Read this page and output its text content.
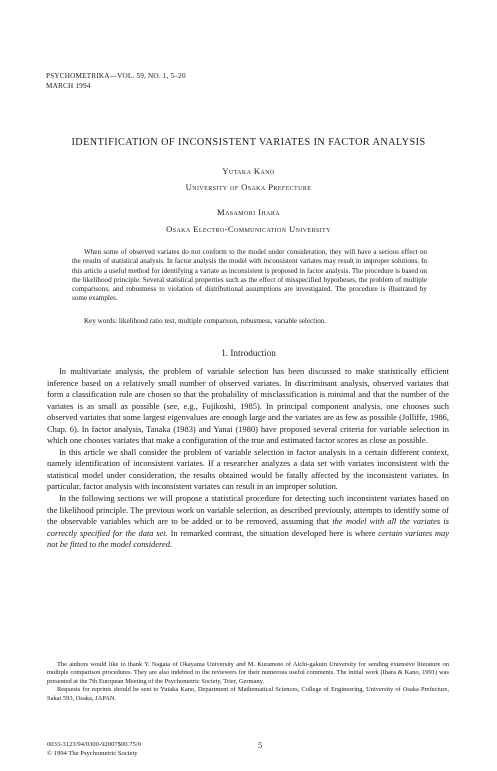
PSYCHOMETRIKA—VOL. 59, NO. 1, 5–20
MARCH 1994
IDENTIFICATION OF INCONSISTENT VARIATES IN FACTOR ANALYSIS
Yutaka Kano
University of Osaka Prefecture
Masamori Ihara
Osaka Electro-Communication University
When some of observed variates do not conform to the model under consideration, they will have a serious effect on the results of statistical analysis. In factor analysis the model with inconsistent variates may result in improper solutions. In this article a useful method for identifying a variate as inconsistent is proposed in factor analysis. The procedure is based on the likelihood principle. Several statistical properties such as the effect of misspecified hypotheses, the problem of multiple comparisons, and robustness to violation of distributional assumptions are investigated. The procedure is illustrated by some examples.
Key words: likelihood ratio test, multiple comparison, robustness, variable selection.
1. Introduction

In multivariate analysis, the problem of variable selection has been discussed to make statistically efficient inference based on a relatively small number of observed variates. In discriminant analysis, observed variates that form a classification rule are chosen so that the probability of misclassification is minimal and that the number of the variates is as small as possible (see, e.g., Fujikoshi, 1985). In principal component analysis, one chooses such observed variates that some largest eigenvalues are enough large and the variates are as few as possible (Jolliffe, 1986, Chap. 6). In factor analysis, Tanaka (1983) and Yanai (1980) have proposed several criteria for variable selection in which one chooses variates that make a configuration of the true and estimated factor scores as close as possible.

In this article we shall consider the problem of variable selection in factor analysis in a certain different context, namely identification of inconsistent variates. If a researcher analyzes a data set with variates inconsistent with the statistical model under consideration, the results obtained would be fatally affected by the inconsistent variates. In particular, factor analysis with inconsistent variates can result in an improper solution.

In the following sections we will propose a statistical procedure for detecting such inconsistent variates based on the likelihood principle. The previous work on variable selection, as described previously, attempts to identify some of the observable variables which are to be added or to be removed, assuming that the model with all the variates is correctly specified for the data set. In remarked contrast, the situation developed here is where certain variates may not be fitted to the model considered.

The authors would like to thank Y. Nagata of Okayama University and M. Kuramoto of Aichi-gakuin University for sending extensive literature on multiple comparison procedures. They are also indebted to the reviewers for their numerous useful comments. The initial work (Ihara & Kano, 1991) was presented at the 7th European Meeting of the Psychometric Society, Trier, Germany.

Requests for reprints should be sent to Yutaka Kano, Department of Mathematical Sciences, College of Engineering, University of Osaka Prefecture, Sakai 593, Osaka, JAPAN.

0033-3123/94/0300-92007$00.75/0
© 1994 The Psychometric Society
5
